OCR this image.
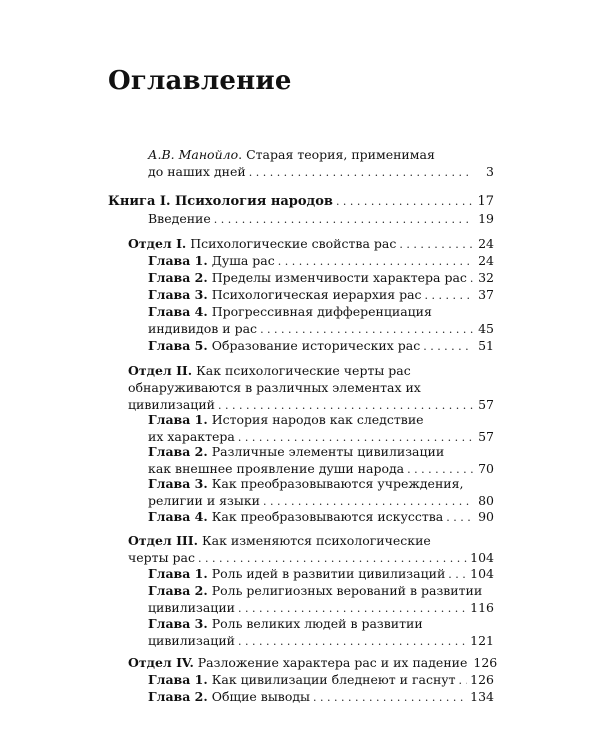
Оглавление
А.В. Манойло. Старая теория, применимая
до наших дней . . .	3
Книга I. Психология народов . . .	17
Введение . . .	19
Отдел I. Психологические свойства рас . . .	24
Глава 1. Душа рас . . .	24
Глава 2. Пределы изменчивости характера рас . . . 32
Глава 3. Психологическая иерархия рас . . .	37
Глава 4. Прогрессивная дифференциация
индивидов и рас . . .	45
Глава 5. Образование исторических рас . . .	51
Отдел II. Как психологические черты рас
обнаруживаются в различных элементах их
цивилизаций . . .	57
Глава 1. История народов как следствие
их характера . . .	57
Глава 2. Различные элементы цивилизации
как внешнее проявление души народа . . .	70
Глава 3. Как преобразовываются учреждения,
религии и языки . . .	80
Глава 4. Как преобразовываются искусства . . .	90
Отдел III. Как изменяются психологические
черты рас . . .	104
Глава 1. Роль идей в развитии цивилизаций . . . 104
Глава 2. Роль религиозных верований в развитии
цивилизации . . .	116
Глава 3. Роль великих людей в развитии
цивилизаций . . .	121
Отдел IV. Разложение характера рас и их падение 126
Глава 1. Как цивилизации бледнеют и гаснут . . . 126
Глава 2. Общие выводы . . .	134
